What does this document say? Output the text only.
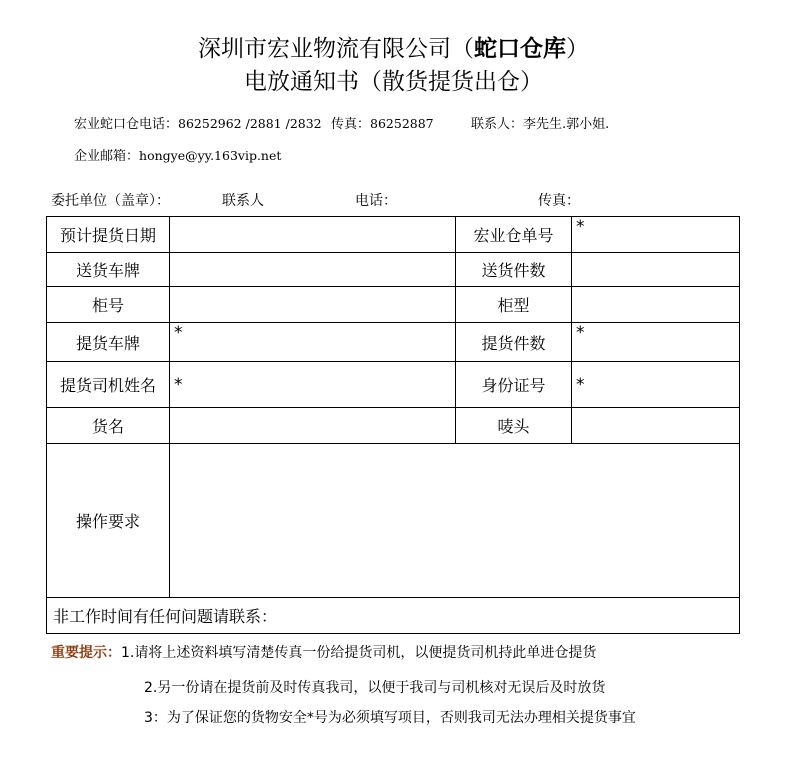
深圳市宏业物流有限公司（蛇口仓库）
电放通知书（散货提货出仓）
宏业蛇口仓电话：86252962 /2881 /2832 传真：86252887	联系人：李先生.郭小姐.
企业邮箱：hongye@yy.163vip.net
委托单位（盖章）：	联系人	电话：	传真：
预计提货日期		宏业仓单号	*
送货车牌		送货件数	
柜号		柜型	
提货车牌	*	提货件数	*
提货司机姓名	*	身份证号	*
货名		唛头	
操作要求			
非工作时间有任何问题请联系：			
重要提示：1.请将上述资料填写清楚传真一份给提货司机，以便提货司机持此单进仓提货
2.另一份请在提货前及时传真我司，以便于我司与司机核对无误后及时放货
3：为了保证您的货物安全*号为必须填写项目，否则我司无法办理相关提货事宜
